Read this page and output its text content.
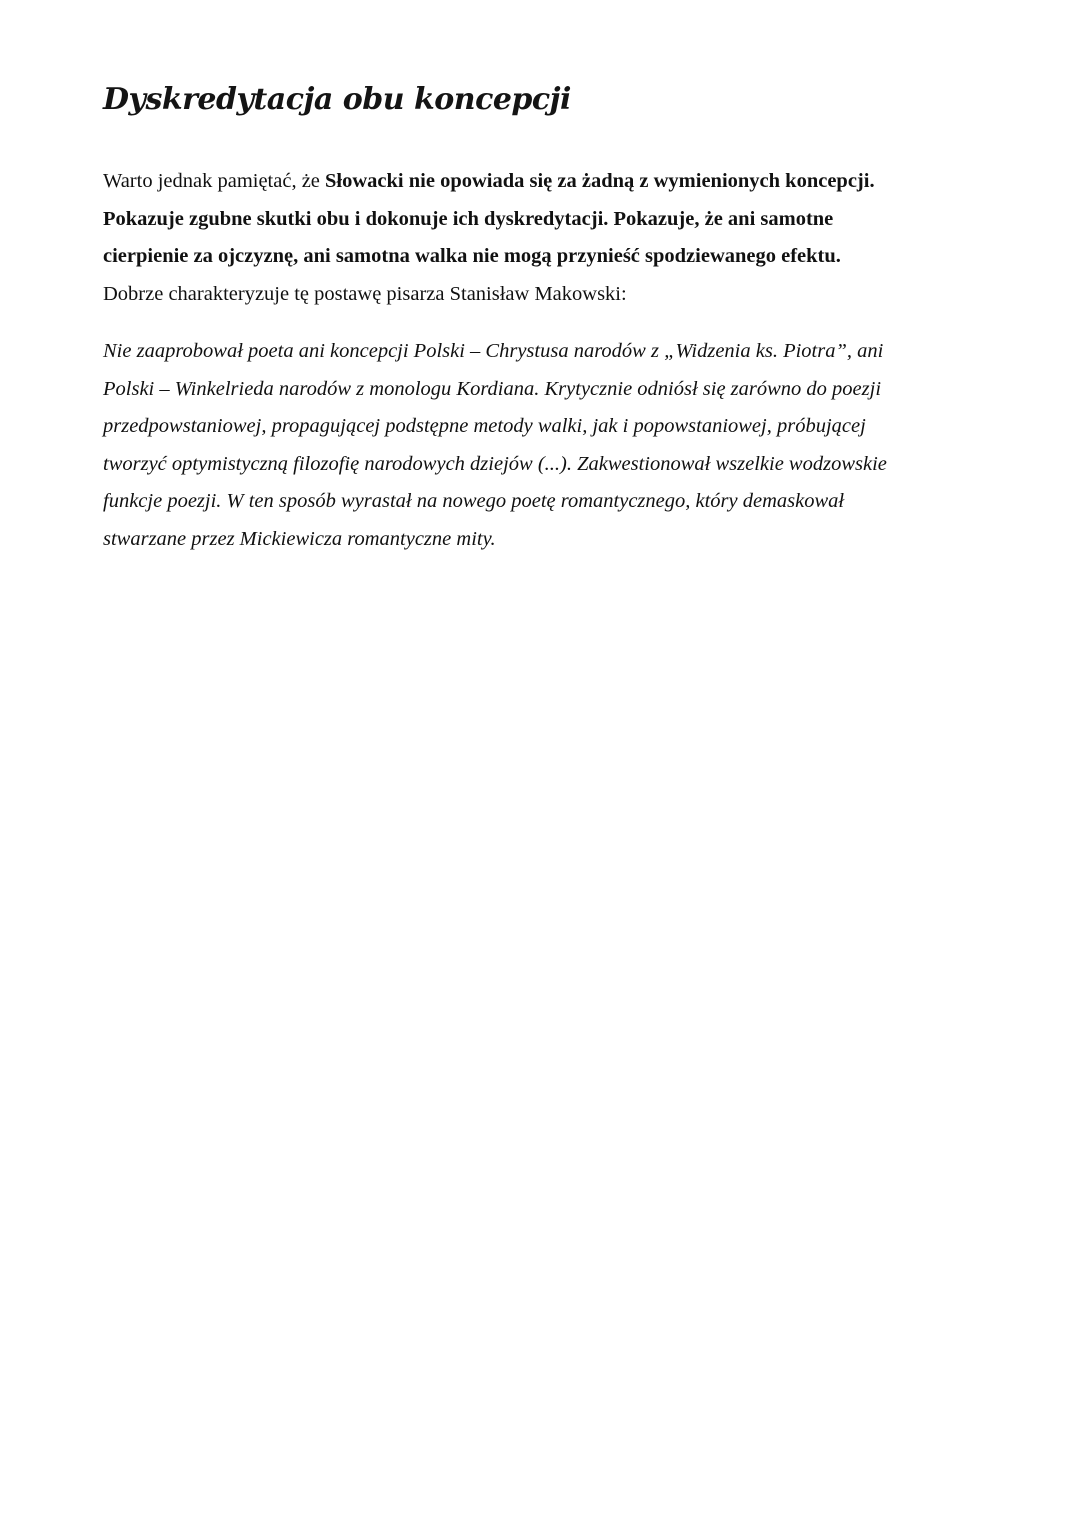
Dyskredytacja obu koncepcji

Warto jednak pamiętać, że Słowacki nie opowiada się za żadną z wymienionych koncepcji.
Pokazuje zgubne skutki obu i dokonuje ich dyskredytacji. Pokazuje, że ani samotne
cierpienie za ojczyznę, ani samotna walka nie mogą przynieść spodziewanego efektu.
Dobrze charakteryzuje tę postawę pisarza Stanisław Makowski:

Nie zaaprobował poeta ani koncepcji Polski – Chrystusa narodów z „Widzenia ks. Piotra”, ani
Polski – Winkelrieda narodów z monologu Kordiana. Krytycznie odniósł się zarówno do poezji
przedpowstaniowej, propagującej podstępne metody walki, jak i popowstaniowej, próbującej
tworzyć optymistyczną filozofię narodowych dziejów (...). Zakwestionował wszelkie wodzowskie
funkcje poezji. W ten sposób wyrastał na nowego poetę romantycznego, który demaskował
stwarzane przez Mickiewicza romantyczne mity.
